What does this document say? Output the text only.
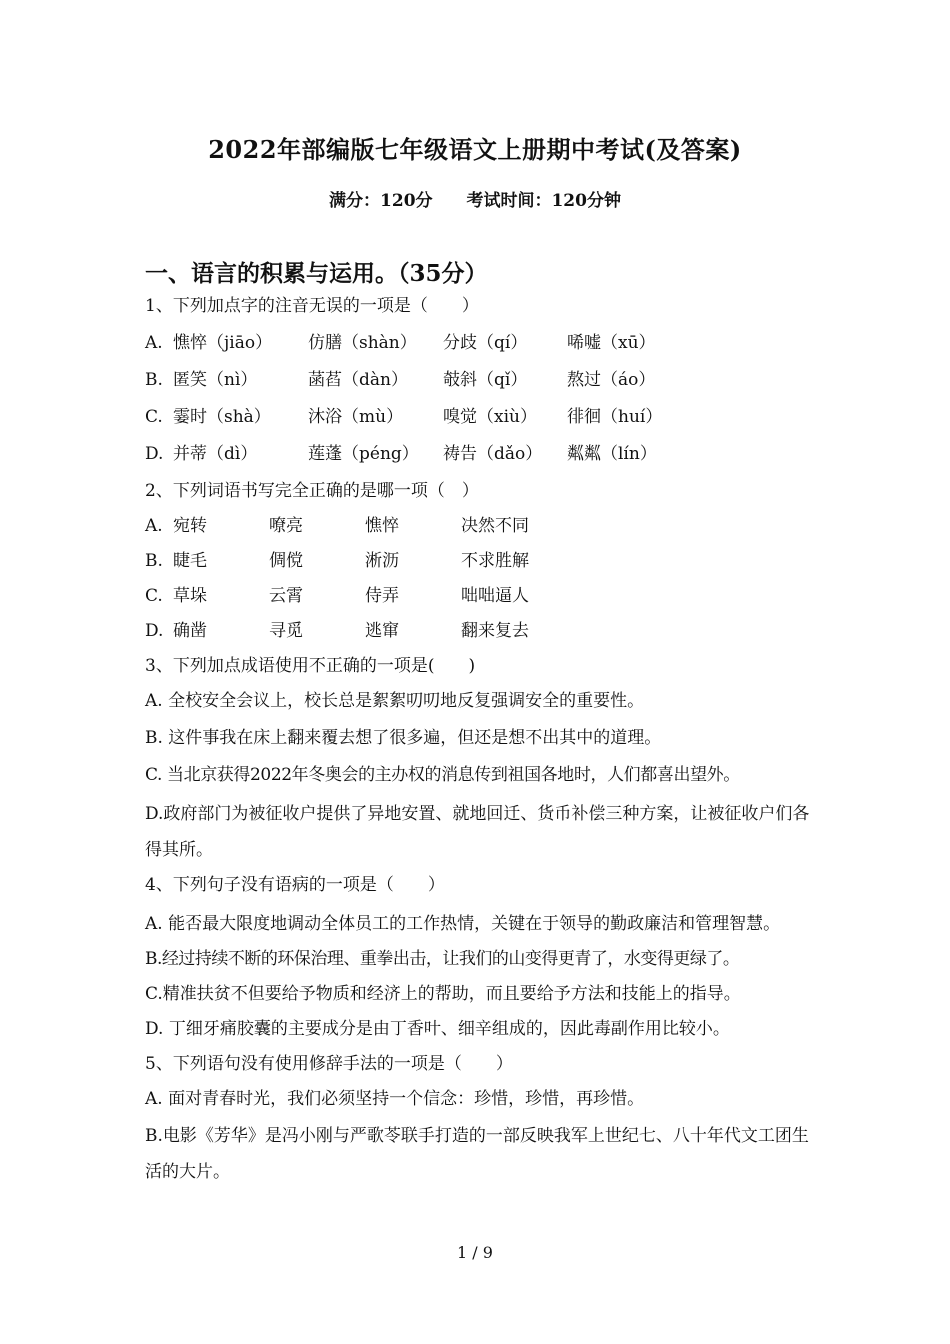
2022年部编版七年级语文上册期中考试(及答案)
满分：120分 考试时间：120分钟
一、语言的积累与运用。（35分）
1、下列加点字的注音无误的一项是（　　）
A. 憔悴（jiāo）	仿膳（shàn）	分歧（qí）	唏嘘（xū）
B. 匿笑（nì）	菡萏（dàn）	攲斜（qǐ）	熬过（áo）
C. 霎时（shà）	沐浴（mù）	嗅觉（xiù）	徘徊（huí）
D. 并蒂（dì）	莲蓬（péng）	祷告（dǎo）	粼粼（lín）
2、下列词语书写完全正确的是哪一项（　）
A. 宛转	嘹亮	憔悴	决然不同
B. 睫毛	倜傥	淅沥	不求胜解
C. 草垛	云霄	侍弄	咄咄逼人
D. 确凿	寻觅	逃窜	翻来复去
3、下列加点成语使用不正确的一项是(　　)
A. 全校安全会议上，校长总是絮絮叨叨地反复强调安全的重要性。
B. 这件事我在床上翻来覆去想了很多遍，但还是想不出其中的道理。
C. 当北京获得2022年冬奥会的主办权的消息传到祖国各地时，人们都喜出望外。
D.政府部门为被征收户提供了异地安置、就地回迁、货币补偿三种方案，让被征收户们各得其所。
4、下列句子没有语病的一项是（　　）
A. 能否最大限度地调动全体员工的工作热情，关键在于领导的勤政廉洁和管理智慧。
B.经过持续不断的环保治理、重拳出击，让我们的山变得更青了，水变得更绿了。
C.精准扶贫不但要给予物质和经济上的帮助，而且要给予方法和技能上的指导。
D. 丁细牙痛胶囊的主要成分是由丁香叶、细辛组成的，因此毒副作用比较小。
5、下列语句没有使用修辞手法的一项是（　　）
A. 面对青春时光，我们必须坚持一个信念：珍惜，珍惜，再珍惜。
B.电影《芳华》是冯小刚与严歌苓联手打造的一部反映我军上世纪七、八十年代文工团生活的大片。
1 / 9
